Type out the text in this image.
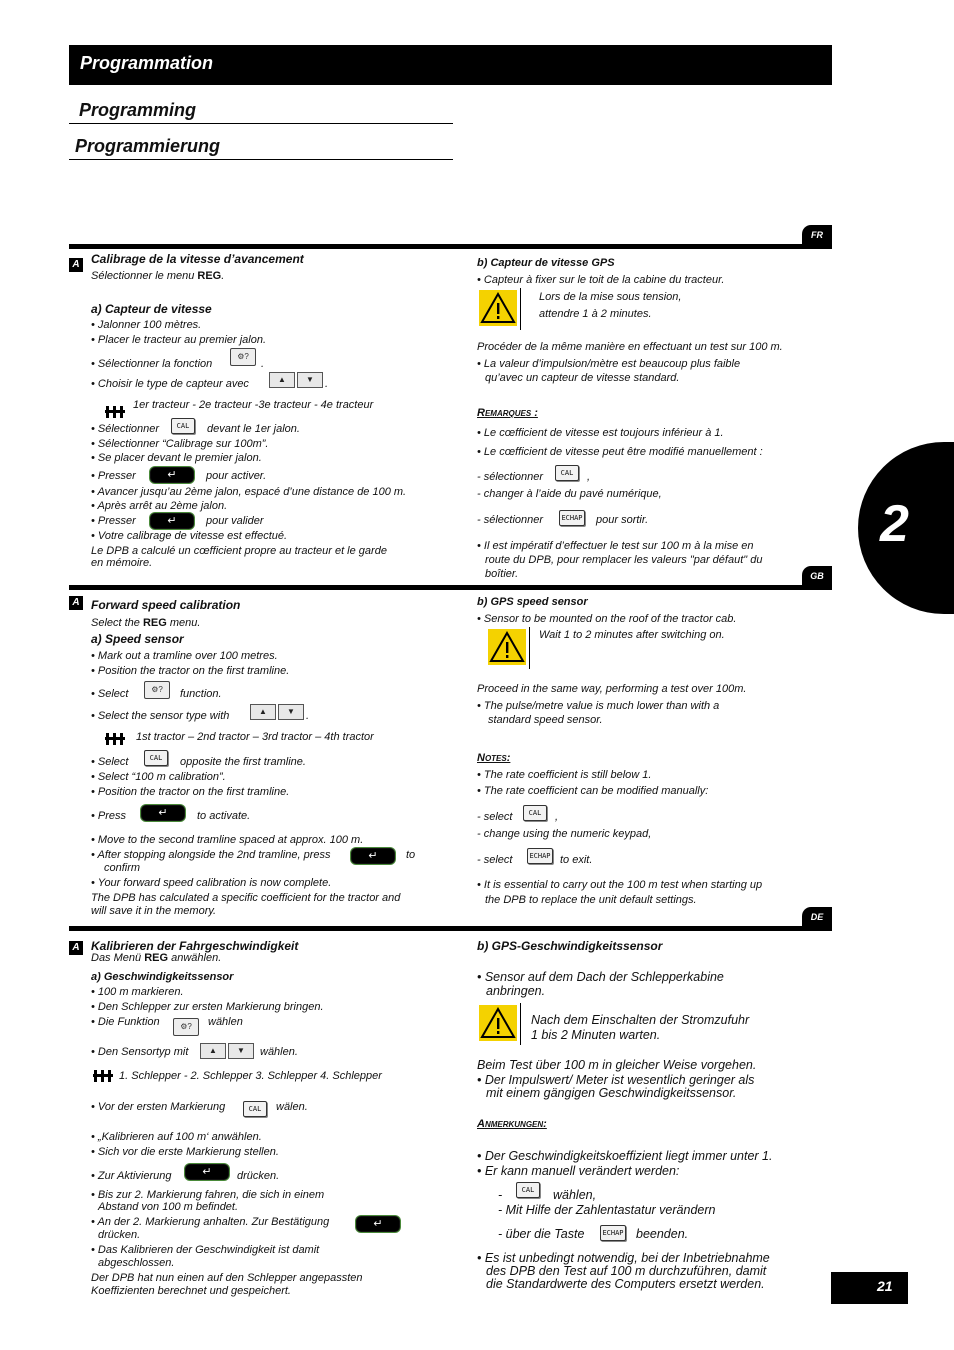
Programmation
Programming
Programmierung
2
FR
A Calibrage de la vitesse d’avancement
Sélectionner le menu REG.
a) Capteur de vitesse
• Jalonner 100 mètres.
• Placer le tracteur au premier jalon.
• Sélectionner la fonction
⚙?
.
• Choisir le type de capteur avec	▲	▼	.
1er tracteur - 2e tracteur -3e tracteur - 4e tracteur
• Sélectionner	CAL	devant le 1er jalon.
• Sélectionner “Calibrage sur 100m”.
• Se placer devant le premier jalon.
• Presser	↵	pour activer.
• Avancer jusqu’au 2ème jalon, espacé d’une distance de 100 m.
• Après arrêt au 2ème jalon.
• Presser	↵	pour valider
• Votre calibrage de vitesse est effectué.
Le DPB a calculé un cœfficient propre au tracteur et le garde
en mémoire.
b) Capteur de vitesse GPS
• Capteur à fixer sur le toit de la cabine du tracteur.
Lors de la mise sous tension,
attendre 1 à 2 minutes.
Procéder de la même manière en effectuant un test sur 100 m.
• La valeur d’impulsion/mètre est beaucoup plus faible
qu’avec un capteur de vitesse standard.
Remarques :
• Le cœfficient de vitesse est toujours inférieur à 1.
• Le cœfficient de vitesse peut être modifié manuellement :
- sélectionner	CAL	,
- changer à l’aide du pavé numérique,
- sélectionner	ECHAP pour sortir.
• Il est impératif d’effectuer le test sur 100 m à la mise en
route du DPB, pour remplacer les valeurs "par défaut" du
boîtier.	GB
A Forward speed calibration
Select the REG menu.
a) Speed sensor
• Mark out a tramline over 100 metres.
• Position the tractor on the first tramline.
• Select	⚙?	function.
• Select the sensor type with	▲	▼	.
1st tractor – 2nd tractor – 3rd tractor – 4th tractor
• Select	CAL	opposite the first tramline.
• Select “100 m calibration”.
• Position the tractor on the first tramline.
• Press	↵	to activate.
• Move to the second tramline spaced at approx. 100 m.
• After stopping alongside the 2nd tramline, press	↵	to
confirm
• Your forward speed calibration is now complete.
The DPB has calculated a specific coefficient for the tractor and
will save it in the memory.
b) GPS speed sensor
• Sensor to be mounted on the roof of the tractor cab.
Wait 1 to 2 minutes after switching on.
Proceed in the same way, performing a test over 100m.
• The pulse/metre value is much lower than with a
standard speed sensor.
Notes:
• The rate coefficient is still below 1.
• The rate coefficient can be modified manually:
- select	CAL	,
- change using the numeric keypad,
- select	ECHAP to exit.
• It is essential to carry out the 100 m test when starting up
the DPB to replace the unit default settings.
DE
A Kalibrieren der Fahrgeschwindigkeit
Das Menü REG anwählen.
a) Geschwindigkeitssensor
• 100 m markieren.
• Den Schlepper zur ersten Markierung bringen.
• Die Funktion	⚙?	wählen
• Den Sensortyp mit	▲	▼	wählen.
1. Schlepper - 2. Schlepper 3. Schlepper 4. Schlepper
• Vor der ersten Markierung	CAL	wälen.
• „Kalibrieren auf 100 m‘ anwählen.
• Sich vor die erste Markierung stellen.
• Zur Aktivierung	↵	drücken.
• Bis zur 2. Markierung fahren, die sich in einem
Abstand von 100 m befindet.
• An der 2. Markierung anhalten. Zur Bestätigung	↵
drücken.
• Das Kalibrieren der Geschwindigkeit ist damit
abgeschlossen.
Der DPB hat nun einen auf den Schlepper angepassten
Koeffizienten berechnet und gespeichert.
b) GPS-Geschwindigkeitssensor
• Sensor auf dem Dach der Schlepperkabine
anbringen.
Nach dem Einschalten der Stromzufuhr
1 bis 2 Minuten warten.
Beim Test über 100 m in gleicher Weise vorgehen.
• Der Impulswert/ Meter ist wesentlich geringer als
mit einem gängigen Geschwindigkeitssensor.
Anmerkungen:
• Der Geschwindigkeitskoeffizient liegt immer unter 1.
• Er kann manuell verändert werden:
-	CAL	wählen,
- Mit Hilfe der Zahlentastatur verändern
- über die Taste	ECHAP beenden.
• Es ist unbedingt notwendig, bei der Inbetriebnahme
des DPB den Test auf 100 m durchzuführen, damit
die Standardwerte des Computers ersetzt werden.	21
